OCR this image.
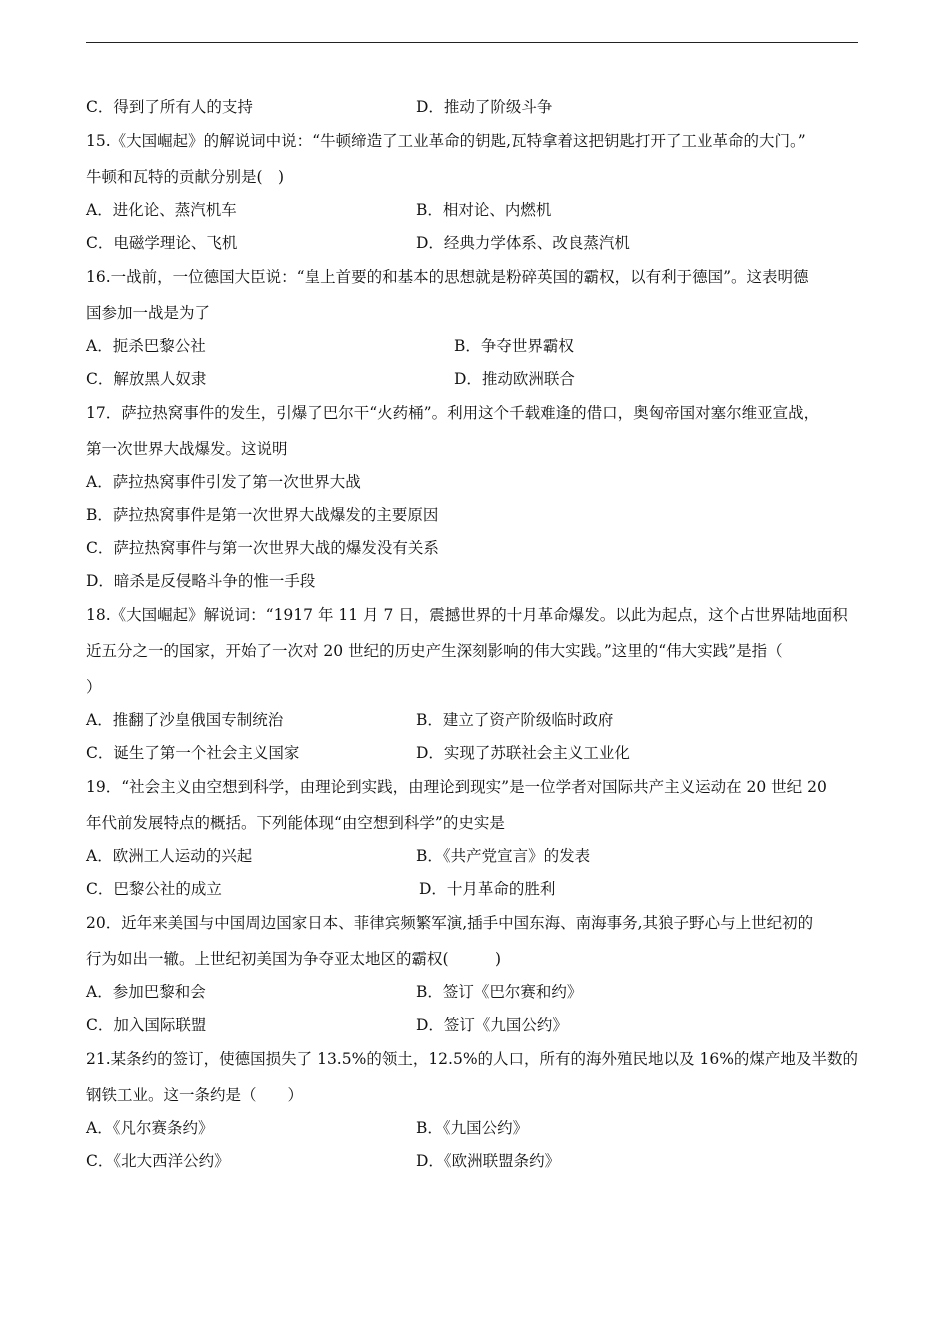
C．得到了所有人的支持	D．推动了阶级斗争
15.《大国崛起》的解说词中说：“牛顿缔造了工业革命的钥匙,瓦特拿着这把钥匙打开了工业革命的大门。”
牛顿和瓦特的贡献分别是(　)
A．进化论、蒸汽机车	B．相对论、内燃机
C．电磁学理论、飞机	D．经典力学体系、改良蒸汽机
16.一战前，一位德国大臣说：“皇上首要的和基本的思想就是粉碎英国的霸权，以有利于德国”。这表明德
国参加一战是为了
A．扼杀巴黎公社	B．争夺世界霸权
C．解放黑人奴隶	D．推动欧洲联合
17．萨拉热窝事件的发生，引爆了巴尔干“火药桶”。利用这个千载难逢的借口，奥匈帝国对塞尔维亚宣战，
第一次世界大战爆发。这说明
A．萨拉热窝事件引发了第一次世界大战
B．萨拉热窝事件是第一次世界大战爆发的主要原因
C．萨拉热窝事件与第一次世界大战的爆发没有关系
D．暗杀是反侵略斗争的惟一手段
18.《大国崛起》解说词：“1917 年 11 月 7 日，震撼世界的十月革命爆发。以此为起点，这个占世界陆地面积
近五分之一的国家，开始了一次对 20 世纪的历史产生深刻影响的伟大实践。”这里的“伟大实践”是指（
）
A．推翻了沙皇俄国专制统治	B．建立了资产阶级临时政府
C．诞生了第一个社会主义国家	D．实现了苏联社会主义工业化
19．“社会主义由空想到科学，由理论到实践，由理论到现实”是一位学者对国际共产主义运动在 20 世纪 20
年代前发展特点的概括。下列能体现“由空想到科学”的史实是
A．欧洲工人运动的兴起	B．《共产党宣言》的发表
C．巴黎公社的成立	D．十月革命的胜利
20．近年来美国与中国周边国家日本、菲律宾频繁军演,插手中国东海、南海事务,其狼子野心与上世纪初的
行为如出一辙。上世纪初美国为争夺亚太地区的霸权(　　　)
A．参加巴黎和会	B．签订《巴尔赛和约》
C．加入国际联盟	D．签订《九国公约》
21.某条约的签订，使德国损失了 13.5%的领土，12.5%的人口，所有的海外殖民地以及 16%的煤产地及半数的
钢铁工业。这一条约是（　　）
A．《凡尔赛条约》	B．《九国公约》
C．《北大西洋公约》	D．《欧洲联盟条约》
